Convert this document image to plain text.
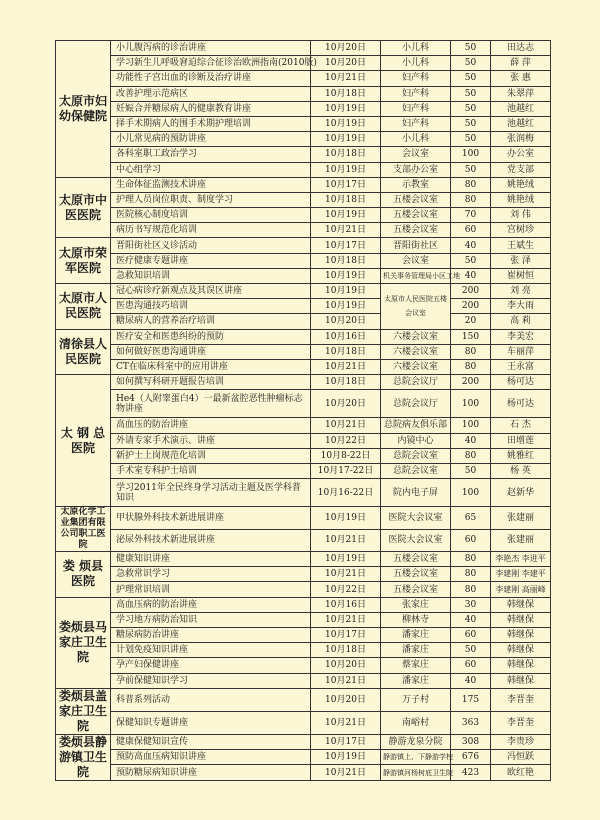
太原市妇幼保健院	小儿腹泻病的诊治讲座	10月20日	小儿科	50	田达志
	学习新生儿呼吸窘迫综合征诊治欧洲指南(2010版)	10月20日	小儿科	50	薛 萍
	功能性子宫出血的诊断及治疗讲座	10月21日	妇产科	50	张 惠
	改善护理示范病区	10月18日	妇产科	50	朱翠萍
	妊娠合并糖尿病人的健康教育讲座	10月19日	妇产科	50	池越红
	择手术期病人的围手术期护理培训	10月19日	妇产科	50	池越红
	小儿常见病的预防讲座	10月19日	小儿科	50	张润梅
	各科室职工政治学习	10月18日	会议室	100	办公室
	中心组学习	10月19日	支部办公室	50	党支部
太原市中医医院	生命体征监测技术讲座	10月17日	示教室	80	姚艳绒
	护理人员岗位职责、制度学习	10月18日	五楼会议室	80	姚艳绒
	医院核心制度培训	10月19日	五楼会议室	70	刘 伟
	病历书写规范化培训	10月21日	五楼会议室	60	宫树珍
太原市荣军医院	晋阳街社区义诊活动	10月17日	晋阳街社区	40	王斌生
	医疗健康专题讲座	10月18日	会议室	50	张 泽
	急救知识培训	10月19日	机关事务管理局小区工地	40	崔树恒
太原市人民医院	冠心病诊疗新观点及其误区讲座	10月19日	太原市人民医院五楼会议室	200	刘 亮
	医患沟通技巧培训	10月19日		200	李大雨
	糖尿病人的营养治疗培训	10月20日		20	高 莉
清徐县人民医院	医疗安全和医患纠纷的预防	10月16日	六楼会议室	150	李美宏
	如何做好医患沟通讲座	10月18日	六楼会议室	80	车丽萍
	CT在临床科室中的应用讲座	10月21日	六楼会议室	80	王永富
太 钢 总医院	如何撰写科研开题报告培训	10月18日	总院会议厅	200	杨可达
	He4（人附睾蛋白4）一最新盆腔恶性肿瘤标志物讲座	10月20日	总院会议厅	100	杨可达
	高血压的防治讲座	10月21日	总院病友俱乐部	100	石 杰
	外请专家手术演示、讲座	10月22日	内镜中心	40	田增莲
	新护士上岗规范化培训	10月8-22日	总院会议室	80	姚雅红
	手术室专科护士培训	10月17-22日	总院会议室	50	杨 英
	学习2011年全民终身学习活动主题及医学科普知识	10月16-22日	院内电子屏	100	赵新华
太原化学工业集团有限公司职工医院	甲状腺外科技术新进展讲座	10月19日	医院大会议室	65	张建丽
	泌尿外科技术新进展讲座	10月21日	医院大会议室	60	张建丽
娄 烦县医院	健康知识讲座	10月19日	五楼会议室	80	李艳杰 李进平
	急救常识学习	10月21日	五楼会议室	80	李建刚 李建平
	护理常识培训	10月22日	五楼会议室	80	李建刚 高丽峰
娄烦县马家庄卫生院	高血压病的防治讲座	10月16日	张家庄	30	韩继保
	学习地方病防治知识	10月21日	柳林寺	40	韩继保
	糖尿病防治讲座	10月17日	潘家庄	60	韩继保
	计划免疫知识讲座	10月18日	潘家庄	50	韩继保
	孕产妇保健讲座	10月20日	蔡家庄	60	韩继保
	孕前保健知识学习	10月21日	潘家庄	40	韩继保
娄烦县盖家庄卫生院	科普系列活动	10月20日	万子村	175	李晋奎
	保健知识专题讲座	10月21日	南峪村	363	李晋奎
娄烦县静游镇卫生院	健康保健知识宣传	10月17日	静游龙泉分院	308	李贵珍
	预防高血压病知识讲座	10月19日	静游镇上、下静游学校	676	冯恒跃
	预防糖尿病知识讲座	10月21日	静游镇河杨树底卫生院	423	欧红艳
